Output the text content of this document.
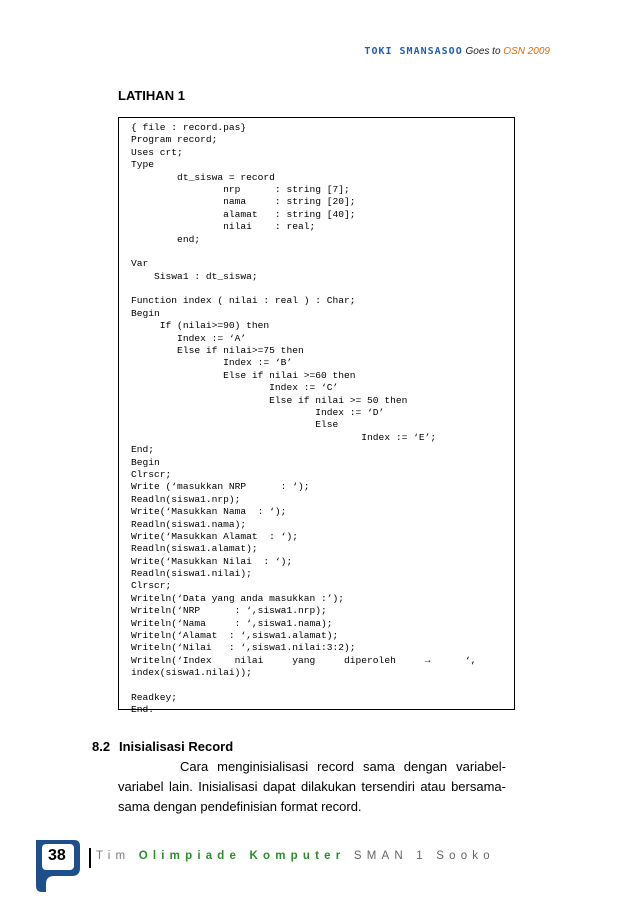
TOKI SMANSASOO Goes to OSN 2009
LATIHAN 1
{ file : record.pas}
Program record;
Uses crt;
Type
dt_siswa = record
nrp      : string [7];
nama     : string [20];
alamat   : string [40];
nilai    : real;
end;
Var
Siswa1 : dt_siswa;
Function index ( nilai : real ) : Char;
Begin
If (nilai>=90) then
Index := ‘A’
Else if nilai>=75 then
Index := ‘B’
Else if nilai >=60 then
Index := ‘C’
Else if nilai >= 50 then
Index := ‘D’
Else
Index := ‘E’;
End;
Begin
Clrscr;
Write (‘masukkan NRP      : ‘);
Readln(siswa1.nrp);
Write(‘Masukkan Nama  : ‘);
Readln(siswa1.nama);
Write(‘Masukkan Alamat  : ‘);
Readln(siswa1.alamat);
Write(‘Masukkan Nilai  : ‘);
Readln(siswa1.nilai);
Clrscr;
Writeln(‘Data yang anda masukkan :’);
Writeln(‘NRP      : ‘,siswa1.nrp);
Writeln(‘Nama     : ‘,siswa1.nama);
Writeln(‘Alamat  : ‘,siswa1.alamat);
Writeln(‘Nilai   : ‘,siswa1.nilai:3:2);
Writeln(‘Index    nilai     yang     diperoleh     →      ‘,
index(siswa1.nilai));
Readkey;
End.
8.2 Inisialisasi Record
Cara menginisialisasi record sama dengan variabel-variabel lain. Inisialisasi dapat dilakukan tersendiri atau bersama-sama dengan pendefinisian format record.
38	Tim Olimpiade Komputer SMAN 1 Sooko
